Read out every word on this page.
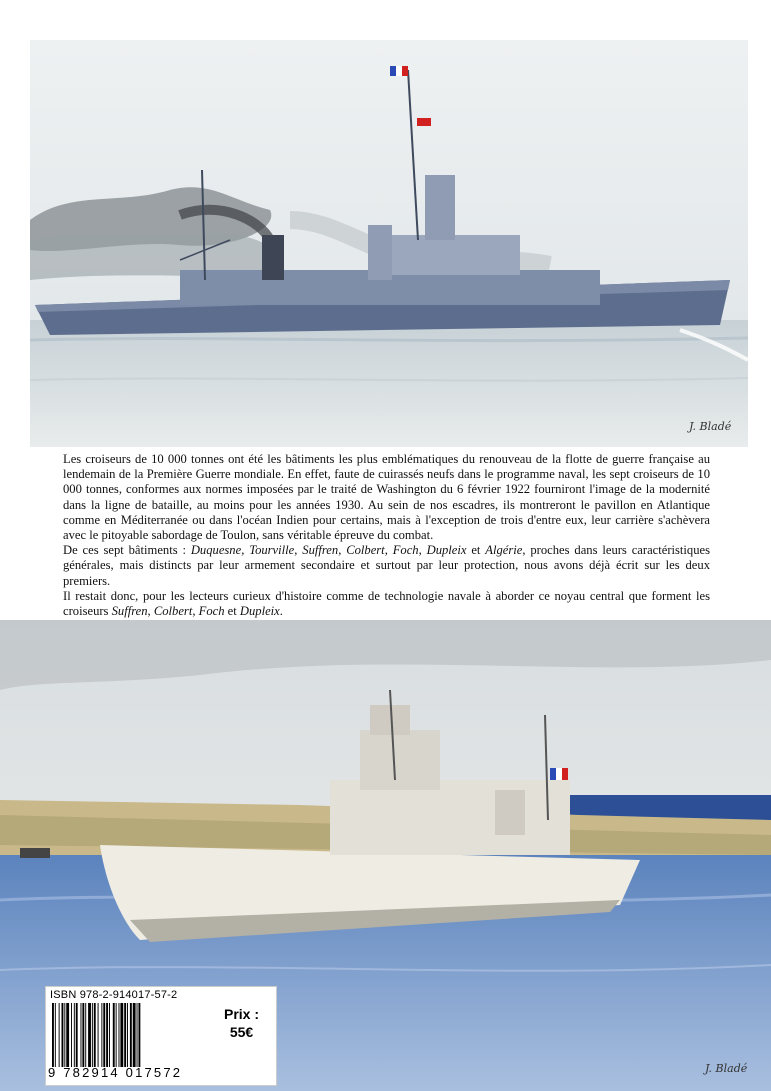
J. Bladé

Les croiseurs de 10 000 tonnes ont été les bâtiments les plus emblématiques du renouveau de la flotte de guerre française au lendemain de la Première Guerre mondiale. En effet, faute de cuirassés neufs dans le programme naval, les sept croiseurs de 10 000 tonnes, conformes aux normes imposées par le traité de Washington du 6 février 1922 fourniront l'image de la modernité dans la ligne de bataille, au moins pour les années 1930. Au sein de nos escadres, ils montreront le pavillon en Atlantique comme en Méditerranée ou dans l'océan Indien pour certains, mais à l'exception de trois d'entre eux, leur carrière s'achèvera avec le pitoyable sabordage de Toulon, sans véritable épreuve du combat.

De ces sept bâtiments : Duquesne, Tourville, Suffren, Colbert, Foch, Dupleix et Algérie, proches dans leurs caractéristiques générales, mais distincts par leur armement secondaire et surtout par leur protection, nous avons déjà écrit sur les deux premiers.

Il restait donc, pour les lecteurs curieux d'histoire comme de technologie navale à aborder ce noyau central que forment les croiseurs Suffren, Colbert, Foch et Dupleix.

J. Bladé
ISBN 978-2-914017-57-2
9 782914 017572
Prix :
55€
